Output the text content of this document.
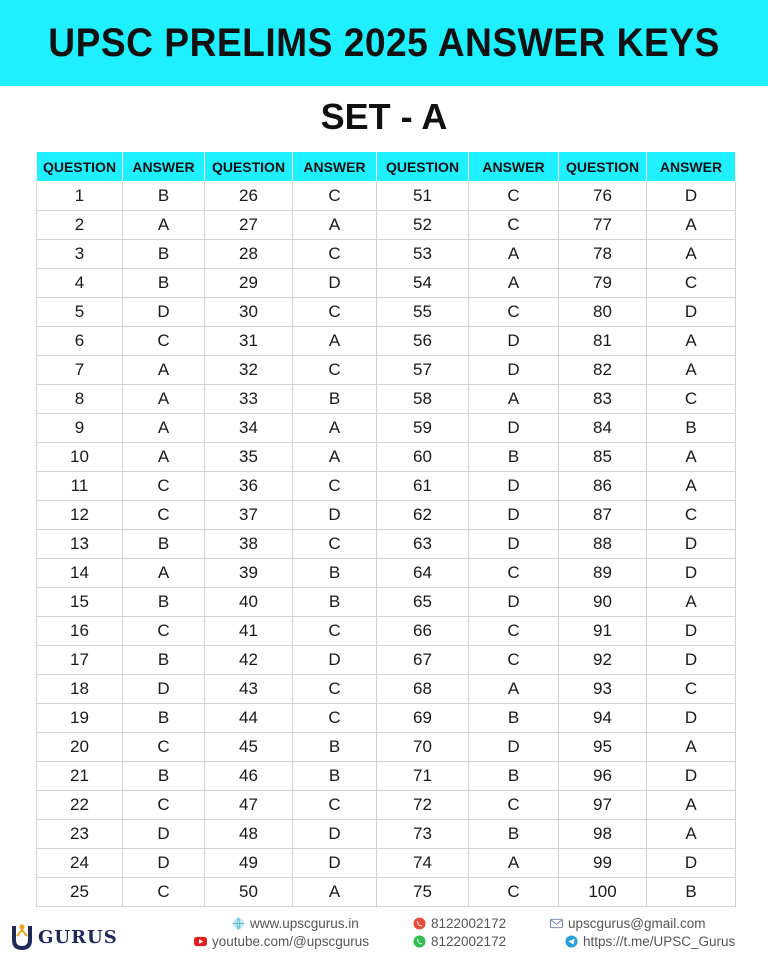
UPSC PRELIMS 2025 ANSWER KEYS
SET - A
QUESTION	ANSWER	QUESTION	ANSWER	QUESTION	ANSWER	QUESTION	ANSWER
1	B	26	C	51	C	76	D
2	A	27	A	52	C	77	A
3	B	28	C	53	A	78	A
4	B	29	D	54	A	79	C
5	D	30	C	55	C	80	D
6	C	31	A	56	D	81	A
7	A	32	C	57	D	82	A
8	A	33	B	58	A	83	C
9	A	34	A	59	D	84	B
10	A	35	A	60	B	85	A
11	C	36	C	61	D	86	A
12	C	37	D	62	D	87	C
13	B	38	C	63	D	88	D
14	A	39	B	64	C	89	D
15	B	40	B	65	D	90	A
16	C	41	C	66	C	91	D
17	B	42	D	67	C	92	D
18	D	43	C	68	A	93	C
19	B	44	C	69	B	94	D
20	C	45	B	70	D	95	A
21	B	46	B	71	B	96	D
22	C	47	C	72	C	97	A
23	D	48	D	73	B	98	A
24	D	49	D	74	A	99	D
25	C	50	A	75	C	100	B
GURUS
www.upscgurus.in
youtube.com/@upscgurus
8122002172
8122002172
upscgurus@gmail.com
https://t.me/UPSC_Gurus
